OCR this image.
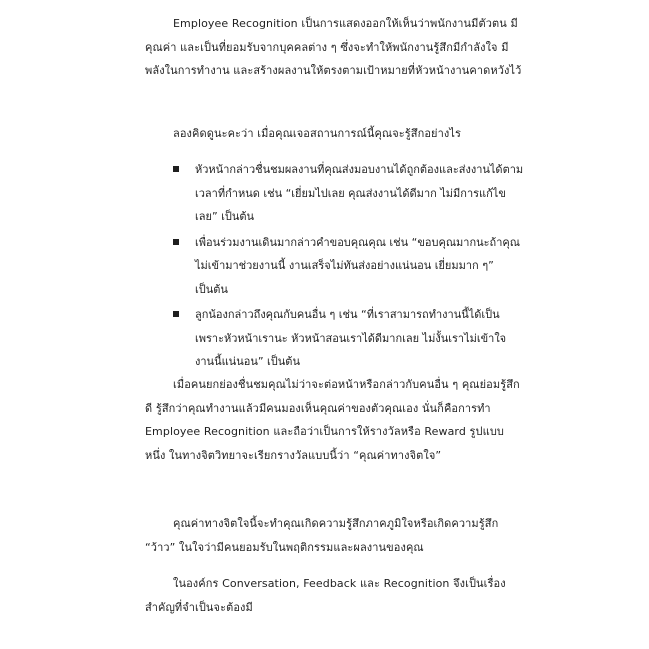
Employee Recognition เป็นการแสดงออกให้เห็นว่าพนักงานมีตัวตน มีคุณค่า และเป็นที่ยอมรับจากบุคคลต่าง ๆ ซึ่งจะทำให้พนักงานรู้สึกมีกำลังใจ มีพลังในการทำงาน และสร้างผลงานให้ตรงตามเป้าหมายที่หัวหน้างานคาดหวังไว้

ลองคิดดูนะคะว่า เมื่อคุณเจอสถานการณ์นี้คุณจะรู้สึกอย่างไร

หัวหน้ากล่าวชื่นชมผลงานที่คุณส่งมอบงานได้ถูกต้องและส่งงานได้ตามเวลาที่กำหนด เช่น “เยี่ยมไปเลย คุณส่งงานได้ดีมาก ไม่มีการแก้ไขเลย” เป็นต้น
เพื่อนร่วมงานเดินมากล่าวคำขอบคุณคุณ เช่น “ขอบคุณมากนะถ้าคุณไม่เข้ามาช่วยงานนี้ งานเสร็จไม่ทันส่งอย่างแน่นอน เยี่ยมมาก ๆ” เป็นต้น
ลูกน้องกล่าวถึงคุณกับคนอื่น ๆ เช่น “ที่เราสามารถทำงานนี้ได้เป็นเพราะหัวหน้าเรานะ หัวหน้าสอนเราได้ดีมากเลย ไม่งั้นเราไม่เข้าใจงานนี้แน่นอน” เป็นต้น

เมื่อคนยกย่องชื่นชมคุณไม่ว่าจะต่อหน้าหรือกล่าวกับคนอื่น ๆ คุณย่อมรู้สึกดี รู้สึกว่าคุณทำงานแล้วมีคนมองเห็นคุณค่าของตัวคุณเอง นั่นก็คือการทำ Employee Recognition และถือว่าเป็นการให้รางวัลหรือ Reward รูปแบบหนึ่ง ในทางจิตวิทยาจะเรียกรางวัลแบบนี้ว่า “คุณค่าทางจิตใจ”

คุณค่าทางจิตใจนี้จะทำคุณเกิดความรู้สึกภาคภูมิใจหรือเกิดความรู้สึก “ว้าว” ในใจว่ามีคนยอมรับในพฤติกรรมและผลงานของคุณ

ในองค์กร Conversation, Feedback และ Recognition จึงเป็นเรื่องสำคัญที่จำเป็นจะต้องมี
